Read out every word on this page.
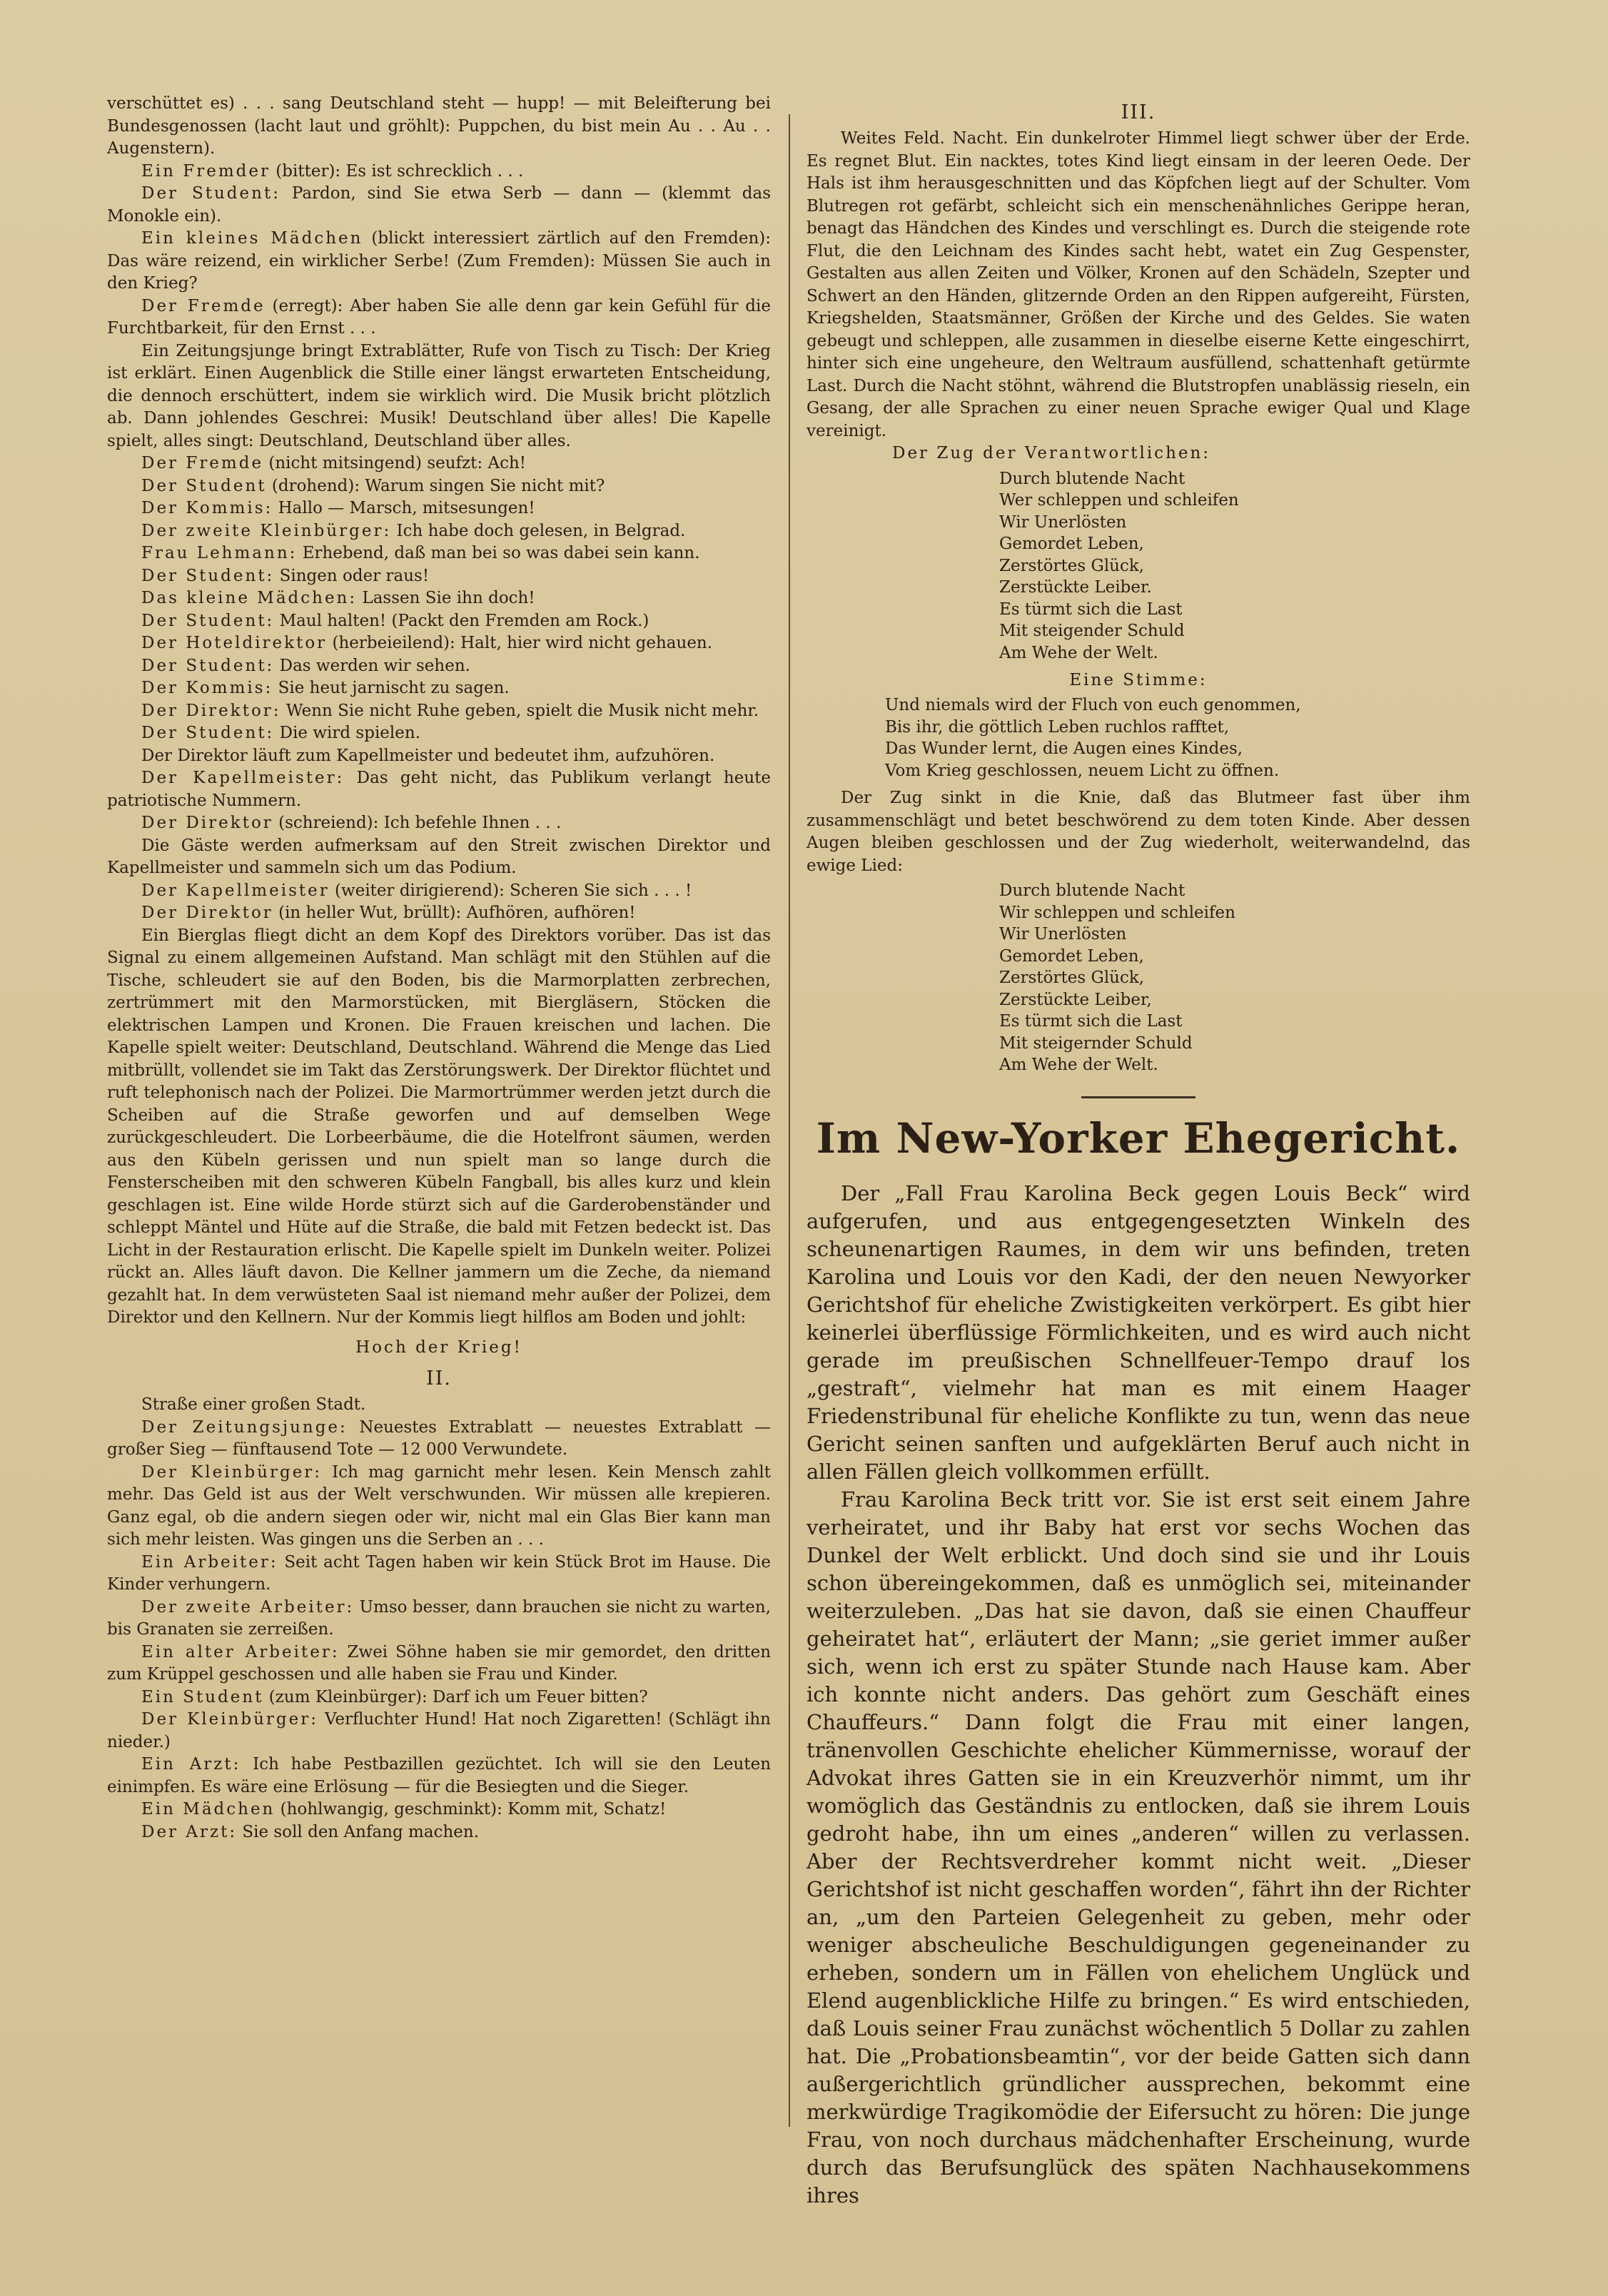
verschüttet es) . . . sang Deutschland steht — hupp! — mit Beleifterung bei Bundesgenossen (lacht laut und gröhlt): Puppchen, du bist mein Au . . Au . . Augenstern).

Ein Fremder (bitter): Es ist schrecklich . . .

Der Student: Pardon, sind Sie etwa Serb — dann — (klemmt das Monokle ein).

Ein kleines Mädchen (blickt interessiert zärtlich auf den Fremden): Das wäre reizend, ein wirklicher Serbe! (Zum Fremden): Müssen Sie auch in den Krieg?

Der Fremde (erregt): Aber haben Sie alle denn gar kein Gefühl für die Furchtbarkeit, für den Ernst . . .

Ein Zeitungsjunge bringt Extrablätter, Rufe von Tisch zu Tisch: Der Krieg ist erklärt. Einen Augenblick die Stille einer längst erwarteten Entscheidung, die dennoch erschüttert, indem sie wirklich wird. Die Musik bricht plötzlich ab. Dann johlendes Geschrei: Musik! Deutschland über alles! Die Kapelle spielt, alles singt: Deutschland, Deutschland über alles.

Der Fremde (nicht mitsingend) seufzt: Ach!

Der Student (drohend): Warum singen Sie nicht mit?

Der Kommis: Hallo — Marsch, mitsesungen!

Der zweite Kleinbürger: Ich habe doch gelesen, in Belgrad.

Frau Lehmann: Erhebend, daß man bei so was dabei sein kann.

Der Student: Singen oder raus!

Das kleine Mädchen: Lassen Sie ihn doch!

Der Student: Maul halten! (Packt den Fremden am Rock.)

Der Hoteldirektor (herbeieilend): Halt, hier wird nicht gehauen.

Der Student: Das werden wir sehen.

Der Kommis: Sie heut jarnischt zu sagen.

Der Direktor: Wenn Sie nicht Ruhe geben, spielt die Musik nicht mehr.

Der Student: Die wird spielen.

Der Direktor läuft zum Kapellmeister und bedeutet ihm, aufzuhören.

Der Kapellmeister: Das geht nicht, das Publikum verlangt heute patriotische Nummern.

Der Direktor (schreiend): Ich befehle Ihnen . . .

Die Gäste werden aufmerksam auf den Streit zwischen Direktor und Kapellmeister und sammeln sich um das Podium.

Der Kapellmeister (weiter dirigierend): Scheren Sie sich . . . !

Der Direktor (in heller Wut, brüllt): Aufhören, aufhören!

Ein Bierglas fliegt dicht an dem Kopf des Direktors vorüber. Das ist das Signal zu einem allgemeinen Aufstand. Man schlägt mit den Stühlen auf die Tische, schleudert sie auf den Boden, bis die Marmorplatten zerbrechen, zertrümmert mit den Marmorstücken, mit Biergläsern, Stöcken die elektrischen Lampen und Kronen. Die Frauen kreischen und lachen. Die Kapelle spielt weiter: Deutschland, Deutschland. Während die Menge das Lied mitbrüllt, vollendet sie im Takt das Zerstörungswerk. Der Direktor flüchtet und ruft telephonisch nach der Polizei. Die Marmortrümmer werden jetzt durch die Scheiben auf die Straße geworfen und auf demselben Wege zurückgeschleudert. Die Lorbeerbäume, die die Hotelfront säumen, werden aus den Kübeln gerissen und nun spielt man so lange durch die Fensterscheiben mit den schweren Kübeln Fangball, bis alles kurz und klein geschlagen ist. Eine wilde Horde stürzt sich auf die Garderobenständer und schleppt Mäntel und Hüte auf die Straße, die bald mit Fetzen bedeckt ist. Das Licht in der Restauration erlischt. Die Kapelle spielt im Dunkeln weiter. Polizei rückt an. Alles läuft davon. Die Kellner jammern um die Zeche, da niemand gezahlt hat. In dem verwüsteten Saal ist niemand mehr außer der Polizei, dem Direktor und den Kellnern. Nur der Kommis liegt hilflos am Boden und johlt:

Hoch der Krieg!

II.

Straße einer großen Stadt.

Der Zeitungsjunge: Neuestes Extrablatt — neuestes Extrablatt — großer Sieg — fünftausend Tote — 12 000 Verwundete.

Der Kleinbürger: Ich mag garnicht mehr lesen. Kein Mensch zahlt mehr. Das Geld ist aus der Welt verschwunden. Wir müssen alle krepieren. Ganz egal, ob die andern siegen oder wir, nicht mal ein Glas Bier kann man sich mehr leisten. Was gingen uns die Serben an . . .

Ein Arbeiter: Seit acht Tagen haben wir kein Stück Brot im Hause. Die Kinder verhungern.

Der zweite Arbeiter: Umso besser, dann brauchen sie nicht zu warten, bis Granaten sie zerreißen.

Ein alter Arbeiter: Zwei Söhne haben sie mir gemordet, den dritten zum Krüppel geschossen und alle haben sie Frau und Kinder.

Ein Student (zum Kleinbürger): Darf ich um Feuer bitten?

Der Kleinbürger: Verfluchter Hund! Hat noch Zigaretten! (Schlägt ihn nieder.)

Ein Arzt: Ich habe Pestbazillen gezüchtet. Ich will sie den Leuten einimpfen. Es wäre eine Erlösung — für die Besiegten und die Sieger.

Ein Mädchen (hohlwangig, geschminkt): Komm mit, Schatz!

Der Arzt: Sie soll den Anfang machen.

III.

Weites Feld. Nacht. Ein dunkelroter Himmel liegt schwer über der Erde. Es regnet Blut. Ein nacktes, totes Kind liegt einsam in der leeren Oede. Der Hals ist ihm herausgeschnitten und das Köpfchen liegt auf der Schulter. Vom Blutregen rot gefärbt, schleicht sich ein menschenähnliches Gerippe heran, benagt das Händchen des Kindes und verschlingt es. Durch die steigende rote Flut, die den Leichnam des Kindes sacht hebt, watet ein Zug Gespenster, Gestalten aus allen Zeiten und Völker, Kronen auf den Schädeln, Szepter und Schwert an den Händen, glitzernde Orden an den Rippen aufgereiht, Fürsten, Kriegshelden, Staatsmänner, Größen der Kirche und des Geldes. Sie waten gebeugt und schleppen, alle zusammen in dieselbe eiserne Kette eingeschirrt, hinter sich eine ungeheure, den Weltraum ausfüllend, schattenhaft getürmte Last. Durch die Nacht stöhnt, während die Blutstropfen unablässig rieseln, ein Gesang, der alle Sprachen zu einer neuen Sprache ewiger Qual und Klage vereinigt.

Der Zug der Verantwortlichen:

Durch blutende Nacht
Wer schleppen und schleifen
Wir Unerlösten
Gemordet Leben,
Zerstörtes Glück,
Zerstückte Leiber.
Es türmt sich die Last
Mit steigender Schuld
Am Wehe der Welt.

Eine Stimme:

Und niemals wird der Fluch von euch genommen,
Bis ihr, die göttlich Leben ruchlos rafftet,
Das Wunder lernt, die Augen eines Kindes,
Vom Krieg geschlossen, neuem Licht zu öffnen.

Der Zug sinkt in die Knie, daß das Blutmeer fast über ihm zusammenschlägt und betet beschwörend zu dem toten Kinde. Aber dessen Augen bleiben geschlossen und der Zug wiederholt, weiterwandelnd, das ewige Lied:

Durch blutende Nacht
Wir schleppen und schleifen
Wir Unerlösten
Gemordet Leben,
Zerstörtes Glück,
Zerstückte Leiber,
Es türmt sich die Last
Mit steigernder Schuld
Am Wehe der Welt.
Im New-Yorker Ehegericht.

Der „Fall Frau Karolina Beck gegen Louis Beck“ wird aufgerufen, und aus entgegengesetzten Winkeln des scheunenartigen Raumes, in dem wir uns befinden, treten Karolina und Louis vor den Kadi, der den neuen Newyorker Gerichtshof für eheliche Zwistigkeiten verkörpert. Es gibt hier keinerlei überflüssige Förmlichkeiten, und es wird auch nicht gerade im preußischen Schnellfeuer-Tempo drauf los „gestraft“, vielmehr hat man es mit einem Haager Friedenstribunal für eheliche Konflikte zu tun, wenn das neue Gericht seinen sanften und aufgeklärten Beruf auch nicht in allen Fällen gleich vollkommen erfüllt.

Frau Karolina Beck tritt vor. Sie ist erst seit einem Jahre verheiratet, und ihr Baby hat erst vor sechs Wochen das Dunkel der Welt erblickt. Und doch sind sie und ihr Louis schon übereingekommen, daß es unmöglich sei, miteinander weiterzuleben. „Das hat sie davon, daß sie einen Chauffeur geheiratet hat“, erläutert der Mann; „sie geriet immer außer sich, wenn ich erst zu später Stunde nach Hause kam. Aber ich konnte nicht anders. Das gehört zum Geschäft eines Chauffeurs.“ Dann folgt die Frau mit einer langen, tränenvollen Geschichte ehelicher Kümmernisse, worauf der Advokat ihres Gatten sie in ein Kreuzverhör nimmt, um ihr womöglich das Geständnis zu entlocken, daß sie ihrem Louis gedroht habe, ihn um eines „anderen“ willen zu verlassen. Aber der Rechtsverdreher kommt nicht weit. „Dieser Gerichtshof ist nicht geschaffen worden“, fährt ihn der Richter an, „um den Parteien Gelegenheit zu geben, mehr oder weniger abscheuliche Beschuldigungen gegeneinander zu erheben, sondern um in Fällen von ehelichem Unglück und Elend augenblickliche Hilfe zu bringen.“ Es wird entschieden, daß Louis seiner Frau zunächst wöchentlich 5 Dollar zu zahlen hat. Die „Probationsbeamtin“, vor der beide Gatten sich dann außergerichtlich gründlicher aussprechen, bekommt eine merkwürdige Tragikomödie der Eifersucht zu hören: Die junge Frau, von noch durchaus mädchenhafter Erscheinung, wurde durch das Berufsunglück des späten Nachhausekommens ihres
